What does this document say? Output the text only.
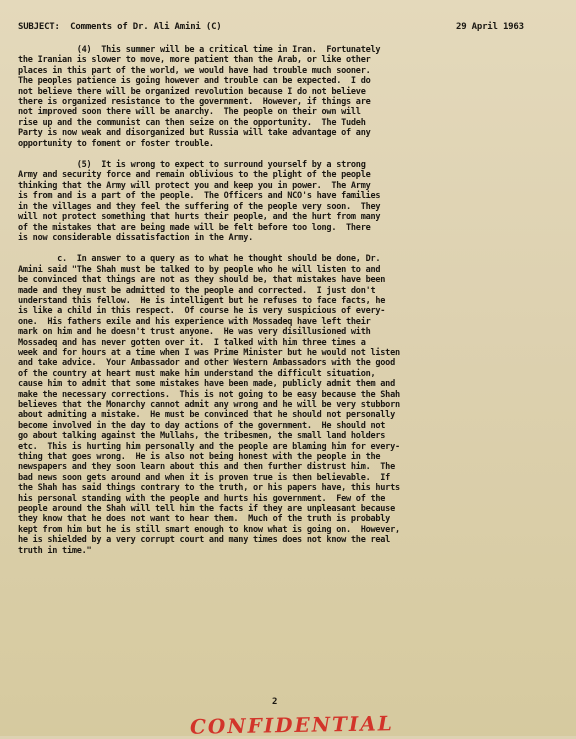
SUBJECT:  Comments of Dr. Ali Amini (C)	29 April 1963
(4)  This summer will be a critical time in Iran.  Fortunately
the Iranian is slower to move, more patient than the Arab, or like other
places in this part of the world, we would have had trouble much sooner.
The peoples patience is going however and trouble can be expected.  I do
not believe there will be organized revolution because I do not believe
there is organized resistance to the government.  However, if things are
not improved soon there will be anarchy.  The people on their own will
rise up and the communist can then seize on the opportunity.  The Tudeh
Party is now weak and disorganized but Russia will take advantage of any
opportunity to foment or foster trouble.
(5)  It is wrong to expect to surround yourself by a strong
Army and security force and remain oblivious to the plight of the people
thinking that the Army will protect you and keep you in power.  The Army
is from and is a part of the people.  The Officers and NCO's have families
in the villages and they feel the suffering of the people very soon.  They
will not protect something that hurts their people, and the hurt from many
of the mistakes that are being made will be felt before too long.  There
is now considerable dissatisfaction in the Army.
c.  In answer to a query as to what he thought should be done, Dr.
Amini said "The Shah must be talked to by people who he will listen to and
be convinced that things are not as they should be, that mistakes have been
made and they must be admitted to the people and corrected.  I just don't
understand this fellow.  He is intelligent but he refuses to face facts, he
is like a child in this respect.  Of course he is very suspicious of every-
one.  His fathers exile and his experience with Mossadeq have left their
mark on him and he doesn't trust anyone.  He was very disillusioned with
Mossadeq and has never gotten over it.  I talked with him three times a
week and for hours at a time when I was Prime Minister but he would not listen
and take advice.  Your Ambassador and other Western Ambassadors with the good
of the country at heart must make him understand the difficult situation,
cause him to admit that some mistakes have been made, publicly admit them and
make the necessary corrections.  This is not going to be easy because the Shah
believes that the Monarchy cannot admit any wrong and he will be very stubborn
about admiting a mistake.  He must be convinced that he should not personally
become involved in the day to day actions of the government.  He should not
go about talking against the Mullahs, the tribesmen, the small land holders
etc.  This is hurting him personally and the people are blaming him for every-
thing that goes wrong.  He is also not being honest with the people in the
newspapers and they soon learn about this and then further distrust him.  The
bad news soon gets around and when it is proven true is then believable.  If
the Shah has said things contrary to the truth, or his papers have, this hurts
his personal standing with the people and hurts his government.  Few of the
people around the Shah will tell him the facts if they are unpleasant because
they know that he does not want to hear them.  Much of the truth is probably
kept from him but he is still smart enough to know what is going on.  However,
he is shielded by a very corrupt court and many times does not know the real
truth in time."
2
CONFIDENTIAL
